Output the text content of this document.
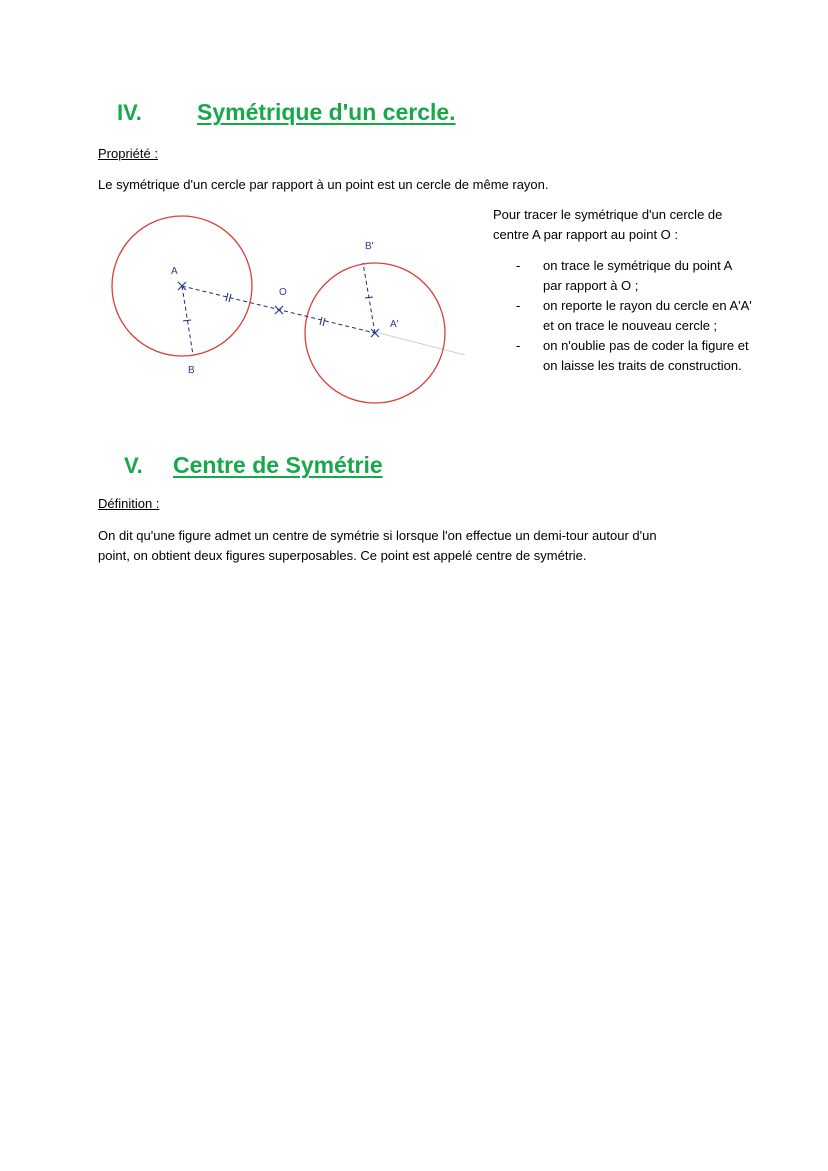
IV. Symétrique d'un cercle.
Propriété :
Le symétrique d'un cercle par rapport à un point est un cercle de même rayon.
A
B
O
A'
B'
Pour tracer le symétrique d'un cercle de
centre A par rapport au point O :
- on trace le symétrique du point A
par rapport à O ;
- on reporte le rayon du cercle en A'A'
et on trace le nouveau cercle ;
- on n'oublie pas de coder la figure et
on laisse les traits de construction.
V. Centre de Symétrie
Définition :
On dit qu'une figure admet un centre de symétrie si lorsque l'on effectue un demi-tour autour d'un
point, on obtient deux figures superposables. Ce point est appelé centre de symétrie.
